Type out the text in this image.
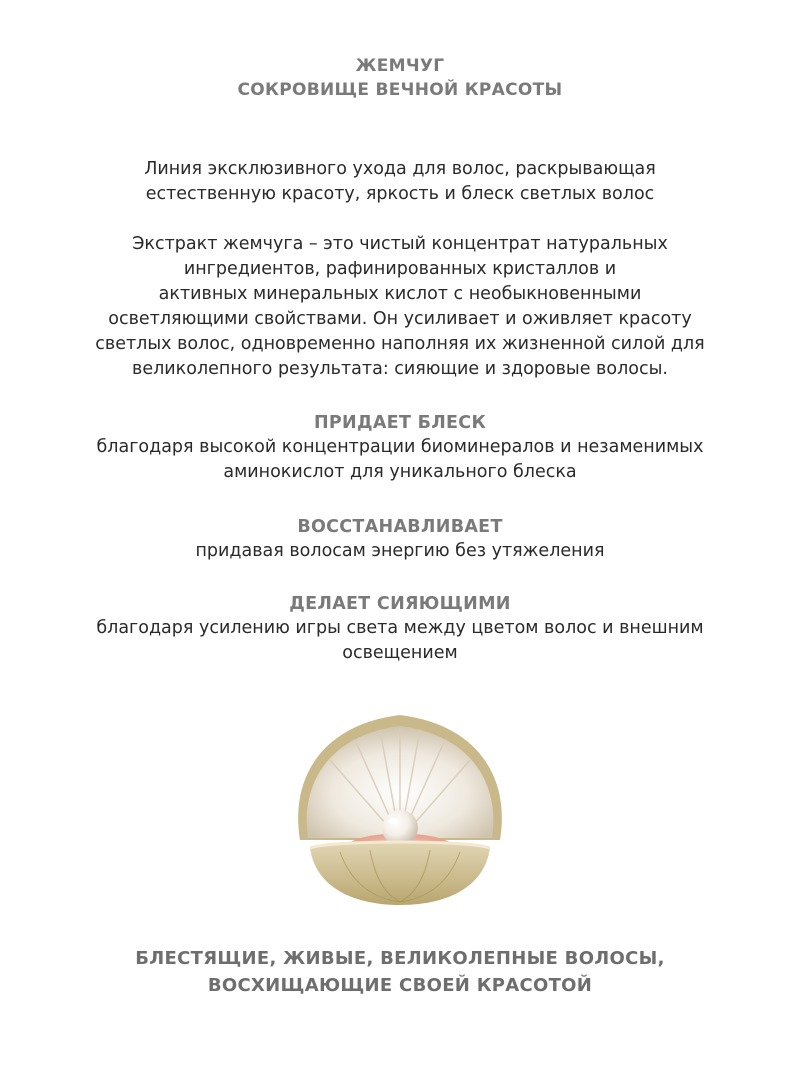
ЖЕМЧУГ
СОКРОВИЩЕ ВЕЧНОЙ КРАСОТЫ
Линия эксклюзивного ухода для волос, раскрывающая
естественную красоту, яркость и блеск светлых волос
Экстракт жемчуга – это чистый концентрат натуральных
ингредиентов, рафинированных кристаллов и
активных минеральных кислот с необыкновенными
осветляющими свойствами. Он усиливает и оживляет красоту
светлых волос, одновременно наполняя их жизненной силой для
великолепного результата: сияющие и здоровые волосы.
ПРИДАЕТ БЛЕСК
благодаря высокой концентрации биоминералов и незаменимых
аминокислот для уникального блеска
ВОССТАНАВЛИВАЕТ
придавая волосам энергию без утяжеления
ДЕЛАЕТ СИЯЮЩИМИ
благодаря усилению игры света между цветом волос и внешним
освещением
БЛЕСТЯЩИЕ, ЖИВЫЕ, ВЕЛИКОЛЕПНЫЕ ВОЛОСЫ,
ВОСХИЩАЮЩИЕ СВОЕЙ КРАСОТОЙ
